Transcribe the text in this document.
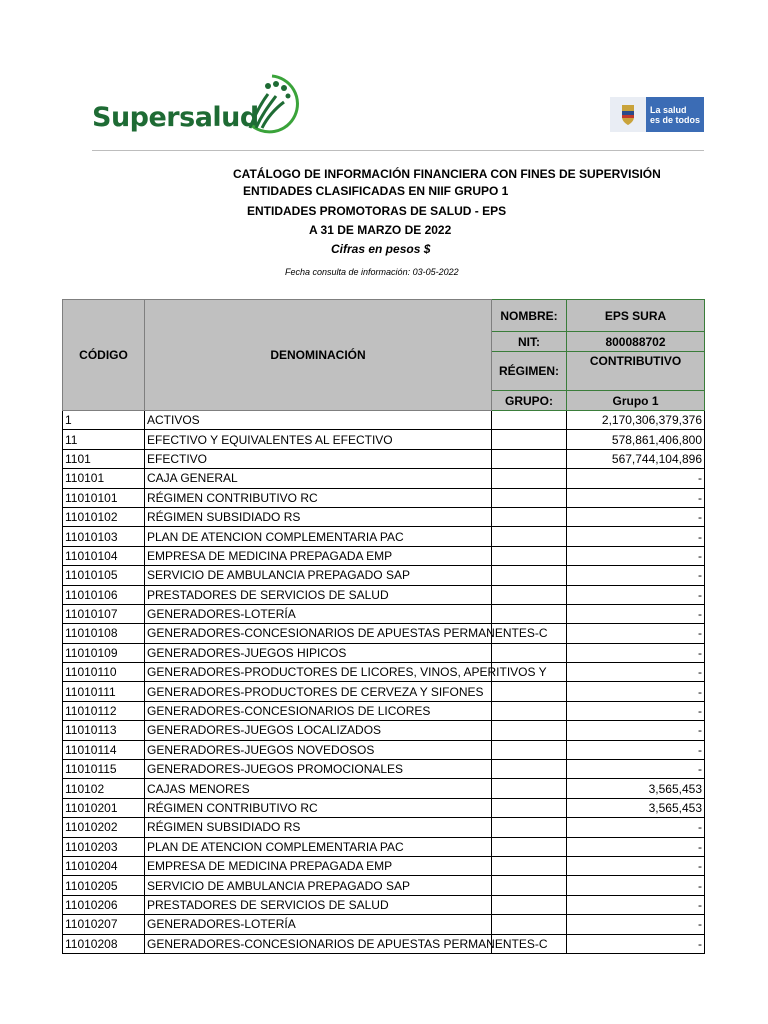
Supersalud	La salud
es de todos
CATÁLOGO DE INFORMACIÓN FINANCIERA CON FINES DE SUPERVISIÓN
ENTIDADES CLASIFICADAS EN NIIF GRUPO 1
ENTIDADES PROMOTORAS DE SALUD - EPS
A 31 DE MARZO DE 2022
Cifras en pesos $
Fecha consulta de información: 03-05-2022
CÓDIGO	DENOMINACIÓN	NOMBRE:	EPS SURA
		NIT:	800088702
		RÉGIMEN:	CONTRIBUTIVO
		GRUPO:	Grupo 1
1	ACTIVOS		2,170,306,379,376
11	EFECTIVO Y EQUIVALENTES AL EFECTIVO		578,861,406,800
1101	EFECTIVO		567,744,104,896
110101	CAJA GENERAL		-
11010101	RÉGIMEN CONTRIBUTIVO RC		-
11010102	RÉGIMEN SUBSIDIADO RS		-
11010103	PLAN DE ATENCION COMPLEMENTARIA PAC		-
11010104	EMPRESA DE MEDICINA PREPAGADA EMP		-
11010105	SERVICIO DE AMBULANCIA PREPAGADO SAP		-
11010106	PRESTADORES DE SERVICIOS DE SALUD		-
11010107	GENERADORES-LOTERÍA		-
11010108	GENERADORES-CONCESIONARIOS DE APUESTAS PERMANENTES-C		-
11010109	GENERADORES-JUEGOS HIPICOS		-
11010110	GENERADORES-PRODUCTORES DE LICORES, VINOS, APERITIVOS Y		-
11010111	GENERADORES-PRODUCTORES DE CERVEZA Y SIFONES		-
11010112	GENERADORES-CONCESIONARIOS DE LICORES		-
11010113	GENERADORES-JUEGOS LOCALIZADOS		-
11010114	GENERADORES-JUEGOS NOVEDOSOS		-
11010115	GENERADORES-JUEGOS PROMOCIONALES		-
110102	CAJAS MENORES		3,565,453
11010201	RÉGIMEN CONTRIBUTIVO RC		3,565,453
11010202	RÉGIMEN SUBSIDIADO RS		-
11010203	PLAN DE ATENCION COMPLEMENTARIA PAC		-
11010204	EMPRESA DE MEDICINA PREPAGADA EMP		-
11010205	SERVICIO DE AMBULANCIA PREPAGADO SAP		-
11010206	PRESTADORES DE SERVICIOS DE SALUD		-
11010207	GENERADORES-LOTERÍA		-
11010208	GENERADORES-CONCESIONARIOS DE APUESTAS PERMANENTES-C		-
